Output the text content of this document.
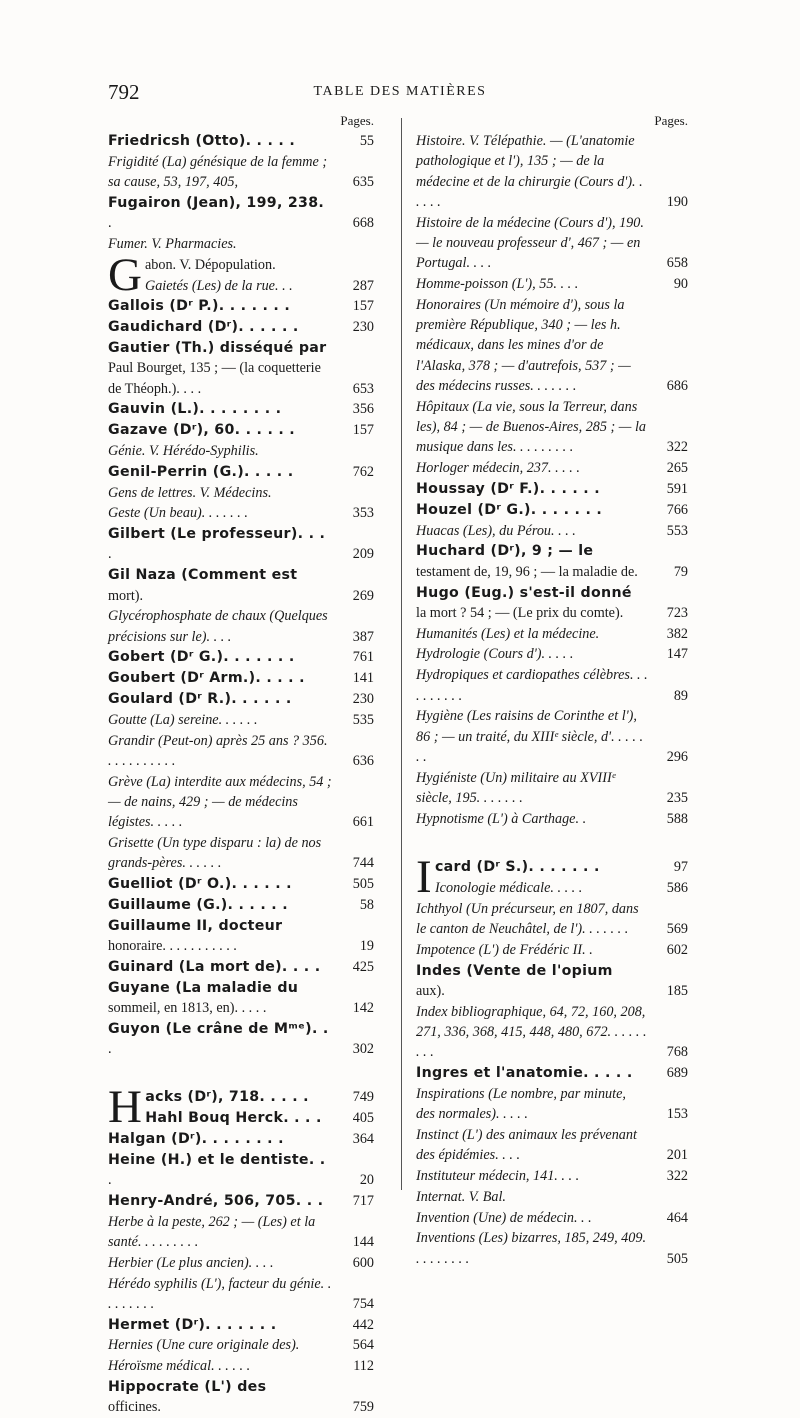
792	TABLE DES MATIÈRES
Pages.
Friedricsh (Otto). . . . .	55
Frigidité (La) génésique de la femme ; sa cause, 53, 197, 405,	635
Fugairon (Jean), 199, 238. .	668
Fumer. V. Pharmacies.
Gabon. V. Dépopulation.
Gaietés (Les) de la rue. . .	287
Gallois (Dʳ P.). . . . . . .	157
Gaudichard (Dʳ). . . . . .	230
Gautier (Th.) disséqué par Paul Bourget, 135 ; — (la coquetterie de Théoph.). . . .	653
Gauvin (L.). . . . . . . .	356
Gazave (Dʳ), 60. . . . . .	157
Génie. V. Hérédo-Syphilis.
Genil-Perrin (G.). . . . .	762
Gens de lettres. V. Médecins.
Geste (Un beau). . . . . . .	353
Gilbert (Le professeur). . . .	209
Gil Naza (Comment est mort).	269
Glycérophosphate de chaux (Quelques précisions sur le). . . .	387
Gobert (Dʳ G.). . . . . . .	761
Goubert (Dʳ Arm.). . . . .	141
Goulard (Dʳ R.). . . . . .	230
Goutte (La) sereine. . . . . .	535
Grandir (Peut-on) après 25 ans ? 356. . . . . . . . . . .	636
Grève (La) interdite aux médecins, 54 ; — de nains, 429 ; — de médecins légistes. . . . .	661
Grisette (Un type disparu : la) de nos grands-pères. . . . . .	744
Guelliot (Dʳ O.). . . . . .	505
Guillaume (G.). . . . . .	58
Guillaume II, docteur honoraire. . . . . . . . . . .	19
Guinard (La mort de). . . .	425
Guyane (La maladie du sommeil, en 1813, en). . . . .	142
Guyon (Le crâne de Mᵐᵉ). . .	302
Hacks (Dʳ), 718. . . . .	749
Hahl Bouq Herck. . . .	405
Halgan (Dʳ). . . . . . . .	364
Heine (H.) et le dentiste. . .	20
Henry-André, 506, 705. . .	717
Herbe à la peste, 262 ; — (Les) et la santé. . . . . . . . .	144
Herbier (Le plus ancien). . . .	600
Hérédo syphilis (L'), facteur du génie. . . . . . . . .	754
Hermet (Dʳ). . . . . . .	442
Hernies (Une cure originale des).	564
Héroïsme médical. . . . . .	112
Hippocrate (L') des officines.	759
Pages.
Histoire. V. Télépathie. — (L'anatomie pathologique et l'), 135 ; — de la médecine et de la chirurgie (Cours d'). . . . . .	190
Histoire de la médecine (Cours d'), 190. — le nouveau professeur d', 467 ; — en Portugal. . . .	658
Homme-poisson (L'), 55. . . .	90
Honoraires (Un mémoire d'), sous la première République, 340 ; — les h. médicaux, dans les mines d'or de l'Alaska, 378 ; — d'autrefois, 537 ; — des médecins russes. . . . . . .	686
Hôpitaux (La vie, sous la Terreur, dans les), 84 ; — de Buenos-Aires, 285 ; — la musique dans les. . . . . . . . .	322
Horloger médecin, 237. . . . .	265
Houssay (Dʳ F.). . . . . .	591
Houzel (Dʳ G.). . . . . . .	766
Huacas (Les), du Pérou. . . .	553
Huchard (Dʳ), 9 ; — le testament de, 19, 96 ; — la maladie de.	79
Hugo (Eug.) s'est-il donné la mort ? 54 ; — (Le prix du comte).	723
Humanités (Les) et la médecine.	382
Hydrologie (Cours d'). . . . .	147
Hydropiques et cardiopathes célèbres. . . . . . . . . .	89
Hygiène (Les raisins de Corinthe et l'), 86 ; — un traité, du XIIIᵉ siècle, d'. . . . . . .	296
Hygiéniste (Un) militaire au XVIIIᵉ siècle, 195. . . . . . .	235
Hypnotisme (L') à Carthage. .	588
Icard (Dʳ S.). . . . . . .	97
Iconologie médicale. . . . .	586
Ichthyol (Un précurseur, en 1807, dans le canton de Neuchâtel, de l'). . . . . . .	569
Impotence (L') de Frédéric II. .	602
Indes (Vente de l'opium aux).	185
Index bibliographique, 64, 72, 160, 208, 271, 336, 368, 415, 448, 480, 672. . . . . . . . .	768
Ingres et l'anatomie. . . . .	689
Inspirations (Le nombre, par minute, des normales). . . . .	153
Instinct (L') des animaux les prévenant des épidémies. . . .	201
Instituteur médecin, 141. . . .	322
Internat. V. Bal.
Invention (Une) de médecin. . .	464
Inventions (Les) bizarres, 185, 249, 409. . . . . . . . .	505
